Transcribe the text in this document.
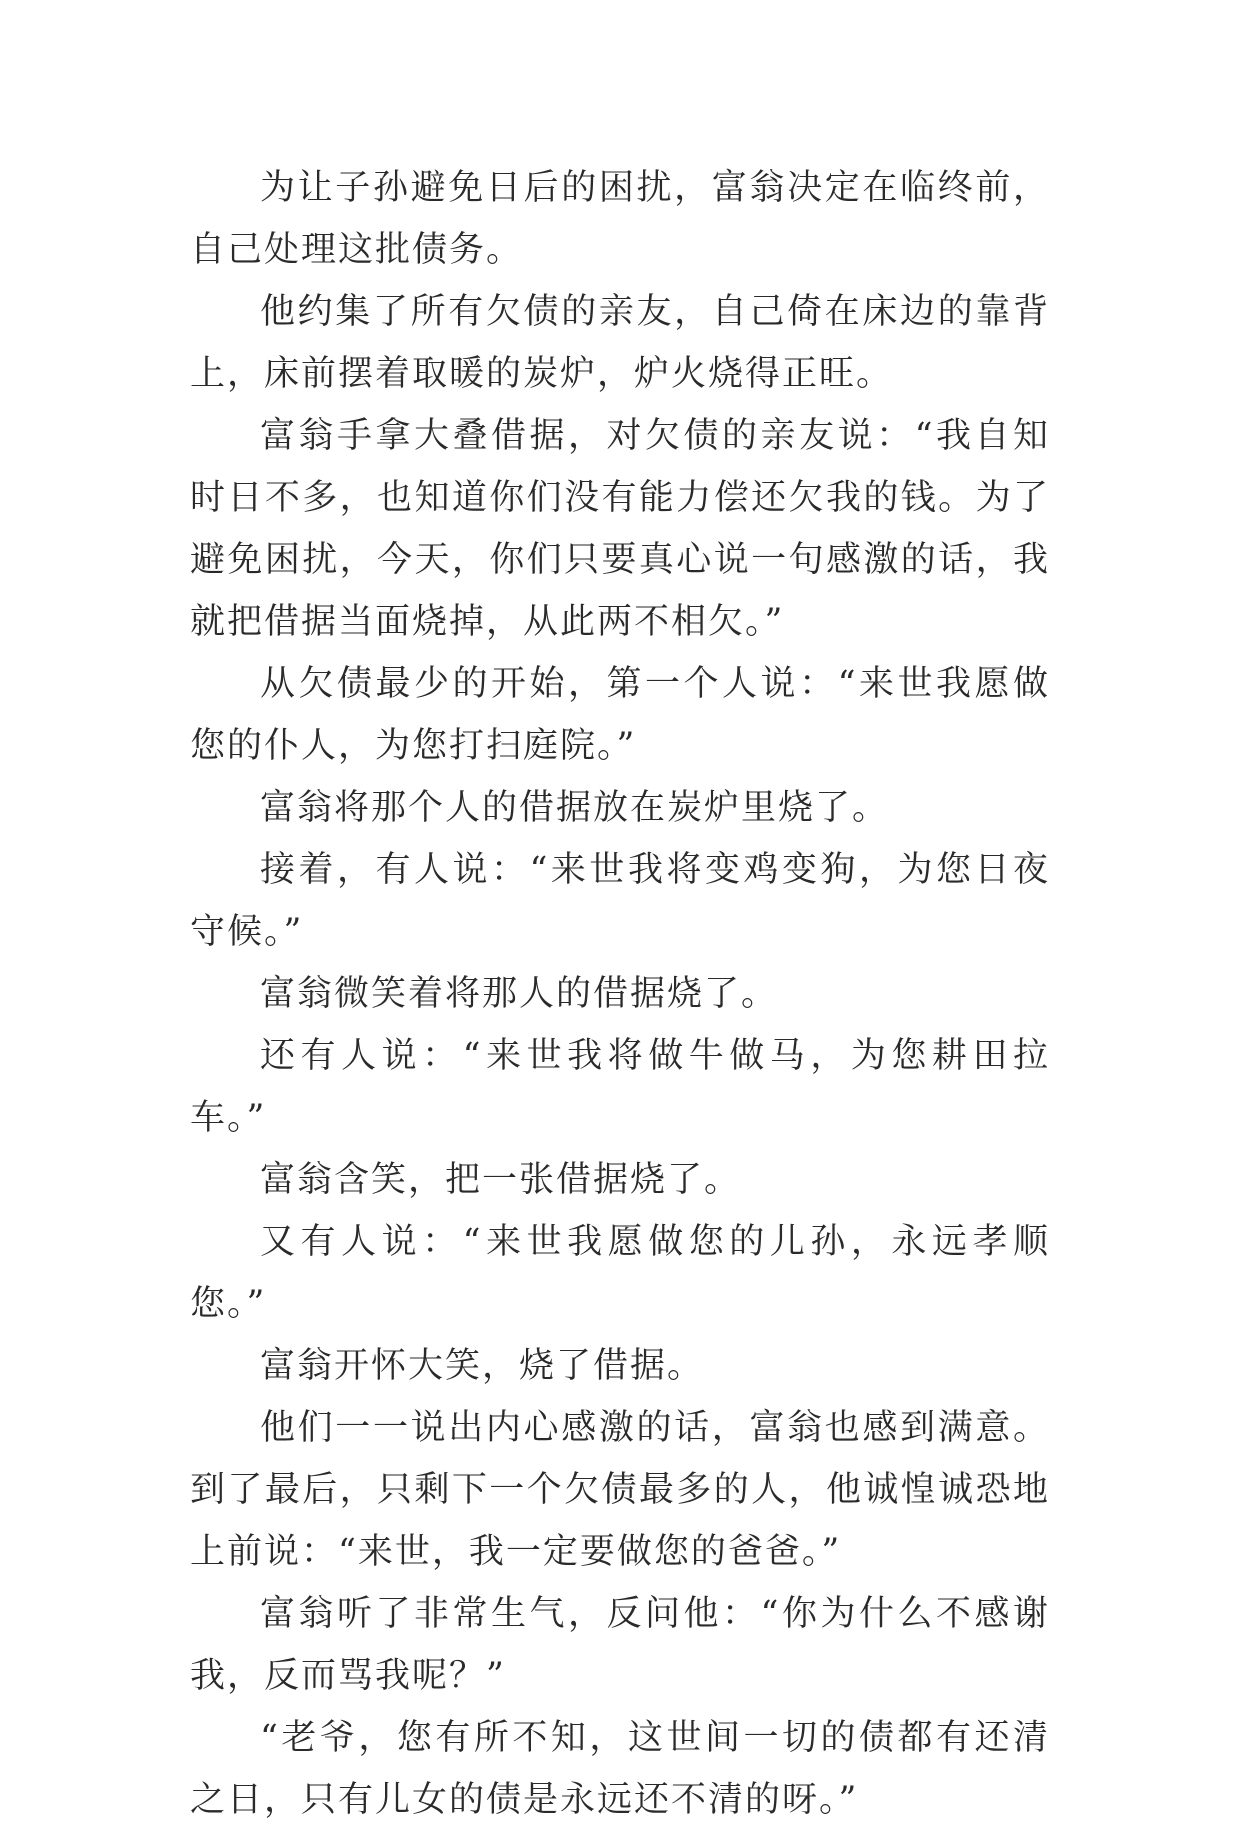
为让子孙避免日后的困扰，富翁决定在临终前，自己处理这批债务。

他约集了所有欠债的亲友，自己倚在床边的靠背上，床前摆着取暖的炭炉，炉火烧得正旺。

富翁手拿大叠借据，对欠债的亲友说：“我自知时日不多，也知道你们没有能力偿还欠我的钱。为了避免困扰，今天，你们只要真心说一句感激的话，我就把借据当面烧掉，从此两不相欠。”

从欠债最少的开始，第一个人说：“来世我愿做您的仆人，为您打扫庭院。”

富翁将那个人的借据放在炭炉里烧了。

接着，有人说：“来世我将变鸡变狗，为您日夜守候。”

富翁微笑着将那人的借据烧了。

还有人说：“来世我将做牛做马，为您耕田拉车。”

富翁含笑，把一张借据烧了。

又有人说：“来世我愿做您的儿孙，永远孝顺您。”

富翁开怀大笑，烧了借据。

他们一一说出内心感激的话，富翁也感到满意。到了最后，只剩下一个欠债最多的人，他诚惶诚恐地上前说：“来世，我一定要做您的爸爸。”

富翁听了非常生气，反问他：“你为什么不感谢我，反而骂我呢？”

“老爷，您有所不知，这世间一切的债都有还清之日，只有儿女的债是永远还不清的呀。”
